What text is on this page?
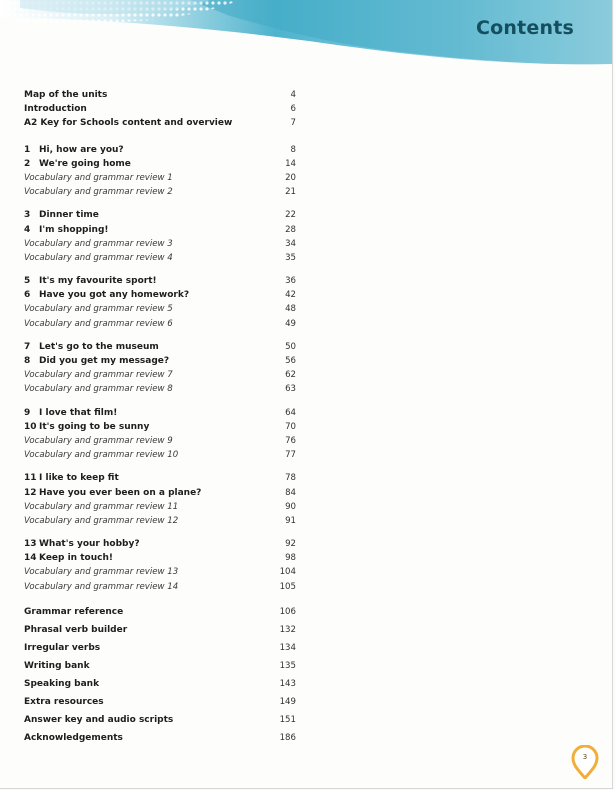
Contents
Map of the units	4
Introduction	6
A2 Key for Schools content and overview	7
1 Hi, how are you?	8
2 We're going home	14
Vocabulary and grammar review 1	20
Vocabulary and grammar review 2	21
3 Dinner time	22
4 I'm shopping!	28
Vocabulary and grammar review 3	34
Vocabulary and grammar review 4	35
5 It's my favourite sport!	36
6 Have you got any homework?	42
Vocabulary and grammar review 5	48
Vocabulary and grammar review 6	49
7 Let's go to the museum	50
8 Did you get my message?	56
Vocabulary and grammar review 7	62
Vocabulary and grammar review 8	63
9 I love that film!	64
10 It's going to be sunny	70
Vocabulary and grammar review 9	76
Vocabulary and grammar review 10	77
11 I like to keep fit	78
12 Have you ever been on a plane?	84
Vocabulary and grammar review 11	90
Vocabulary and grammar review 12	91
13 What's your hobby?	92
14 Keep in touch!	98
Vocabulary and grammar review 13	104
Vocabulary and grammar review 14	105
Grammar reference	106
Phrasal verb builder	132
Irregular verbs	134
Writing bank	135
Speaking bank	143
Extra resources	149
Answer key and audio scripts	151
Acknowledgements	186
3
